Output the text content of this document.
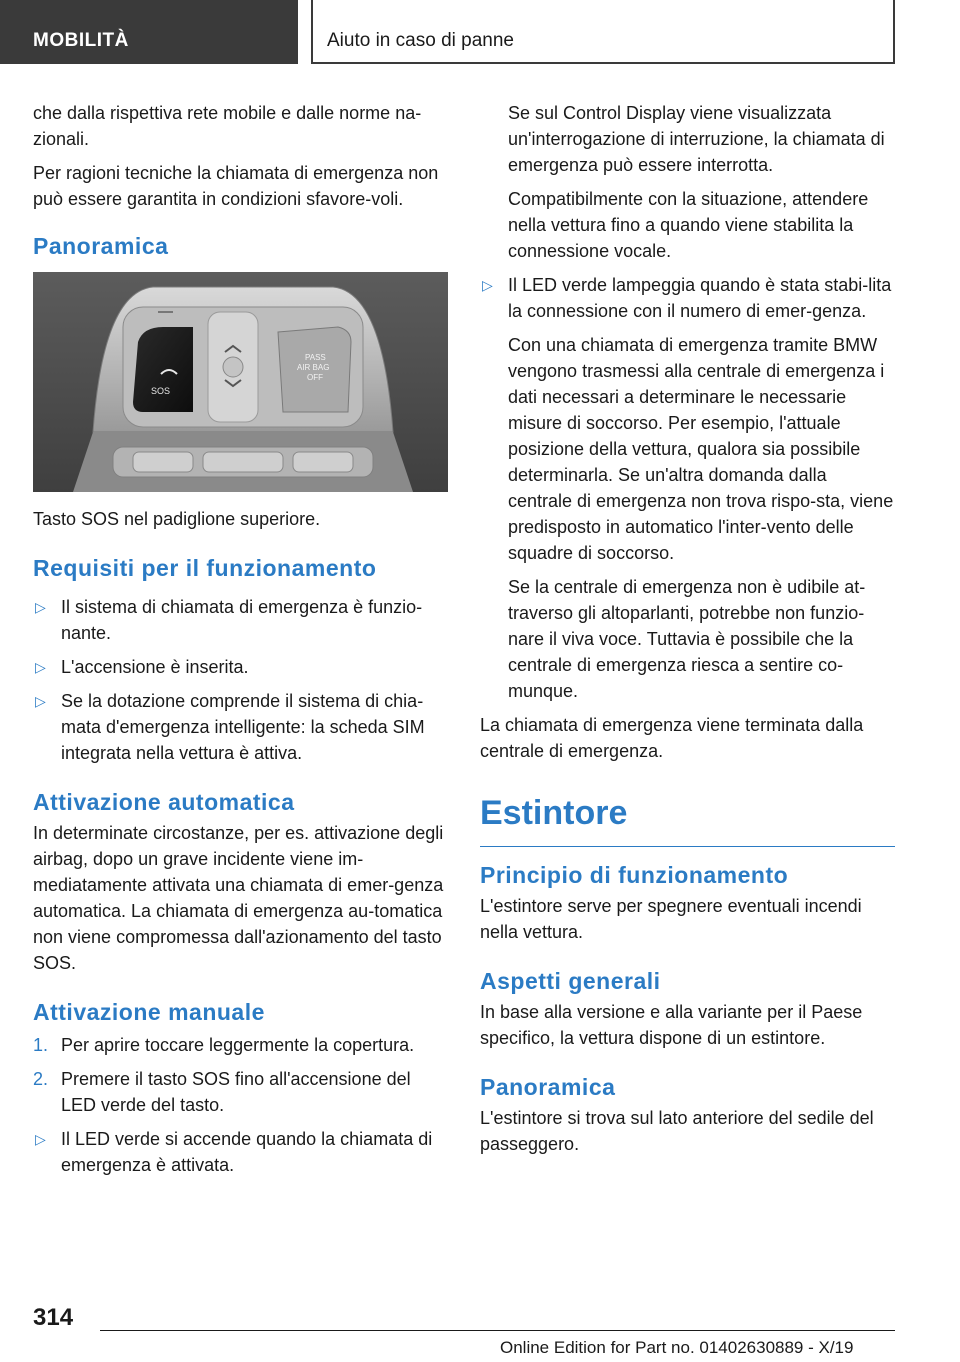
MOBILITÀ	Aiuto in caso di panne

che dalla rispettiva rete mobile e dalle norme na-zionali.

Per ragioni tecniche la chiamata di emergenza non può essere garantita in condizioni sfavore-voli.

Panoramica
SOS
PASS
AIR BAG
OFF

Tasto SOS nel padiglione superiore.

Requisiti per il funzionamento
▷ Il sistema di chiamata di emergenza è funzio-nante.
▷ L'accensione è inserita.
▷ Se la dotazione comprende il sistema di chia-mata d'emergenza intelligente: la scheda SIM integrata nella vettura è attiva.
Attivazione automatica

In determinate circostanze, per es. attivazione degli airbag, dopo un grave incidente viene im-mediatamente attivata una chiamata di emer-genza automatica. La chiamata di emergenza au-tomatica non viene compromessa dall'azionamento del tasto SOS.

Attivazione manuale
1. Per aprire toccare leggermente la copertura.
2. Premere il tasto SOS fino all'accensione del LED verde del tasto.
▷ Il LED verde si accende quando la chiamata di emergenza è attivata.

Se sul Control Display viene visualizzata un'interrogazione di interruzione, la chiamata di emergenza può essere interrotta.

Compatibilmente con la situazione, attendere nella vettura fino a quando viene stabilita la connessione vocale.

▷ Il LED verde lampeggia quando è stata stabi-lita la connessione con il numero di emer-genza.

Con una chiamata di emergenza tramite BMW vengono trasmessi alla centrale di emergenza i dati necessari a determinare le necessarie misure di soccorso. Per esempio, l'attuale posizione della vettura, qualora sia possibile determinarla. Se un'altra domanda dalla centrale di emergenza non trova rispo-sta, viene predisposto in automatico l'inter-vento delle squadre di soccorso.

Se la centrale di emergenza non è udibile at-traverso gli altoparlanti, potrebbe non funzio-nare il viva voce. Tuttavia è possibile che la centrale di emergenza riesca a sentire co-munque.

La chiamata di emergenza viene terminata dalla centrale di emergenza.

Estintore
Principio di funzionamento

L'estintore serve per spegnere eventuali incendi nella vettura.

Aspetti generali

In base alla versione e alla variante per il Paese specifico, la vettura dispone di un estintore.

Panoramica

L'estintore si trova sul lato anteriore del sedile del passeggero.

314
Online Edition for Part no. 01402630889 - X/19
